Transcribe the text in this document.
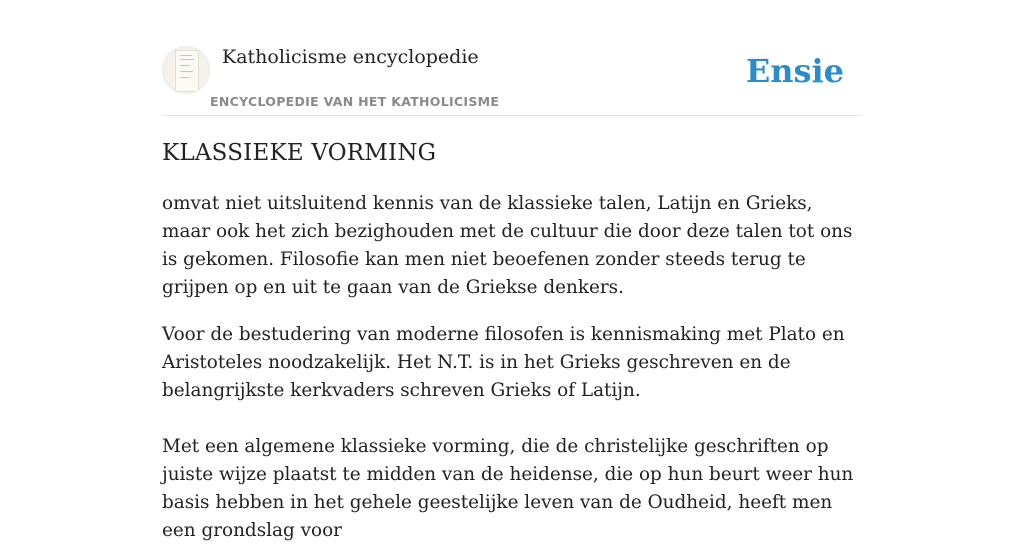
Katholicisme encyclopedie
ENCYCLOPEDIE VAN HET KATHOLICISME
Ensie
KLASSIEKE VORMING

omvat niet uitsluitend kennis van de klassieke talen, Latijn en Grieks, maar ook het zich bezighouden met de cultuur die door deze talen tot ons is gekomen. Filosofie kan men niet beoefenen zonder steeds terug te grijpen op en uit te gaan van de Griekse denkers.

Voor de bestudering van moderne filosofen is kennismaking met Plato en Aristoteles noodzakelijk. Het N.T. is in het Grieks geschreven en de belangrijkste kerkvaders schreven Grieks of Latijn.

Met een algemene klassieke vorming, die de christelijke geschriften op juiste wijze plaatst te midden van de heidense, die op hun beurt weer hun basis hebben in het gehele geestelijke leven van de Oudheid, heeft men een grondslag voor
